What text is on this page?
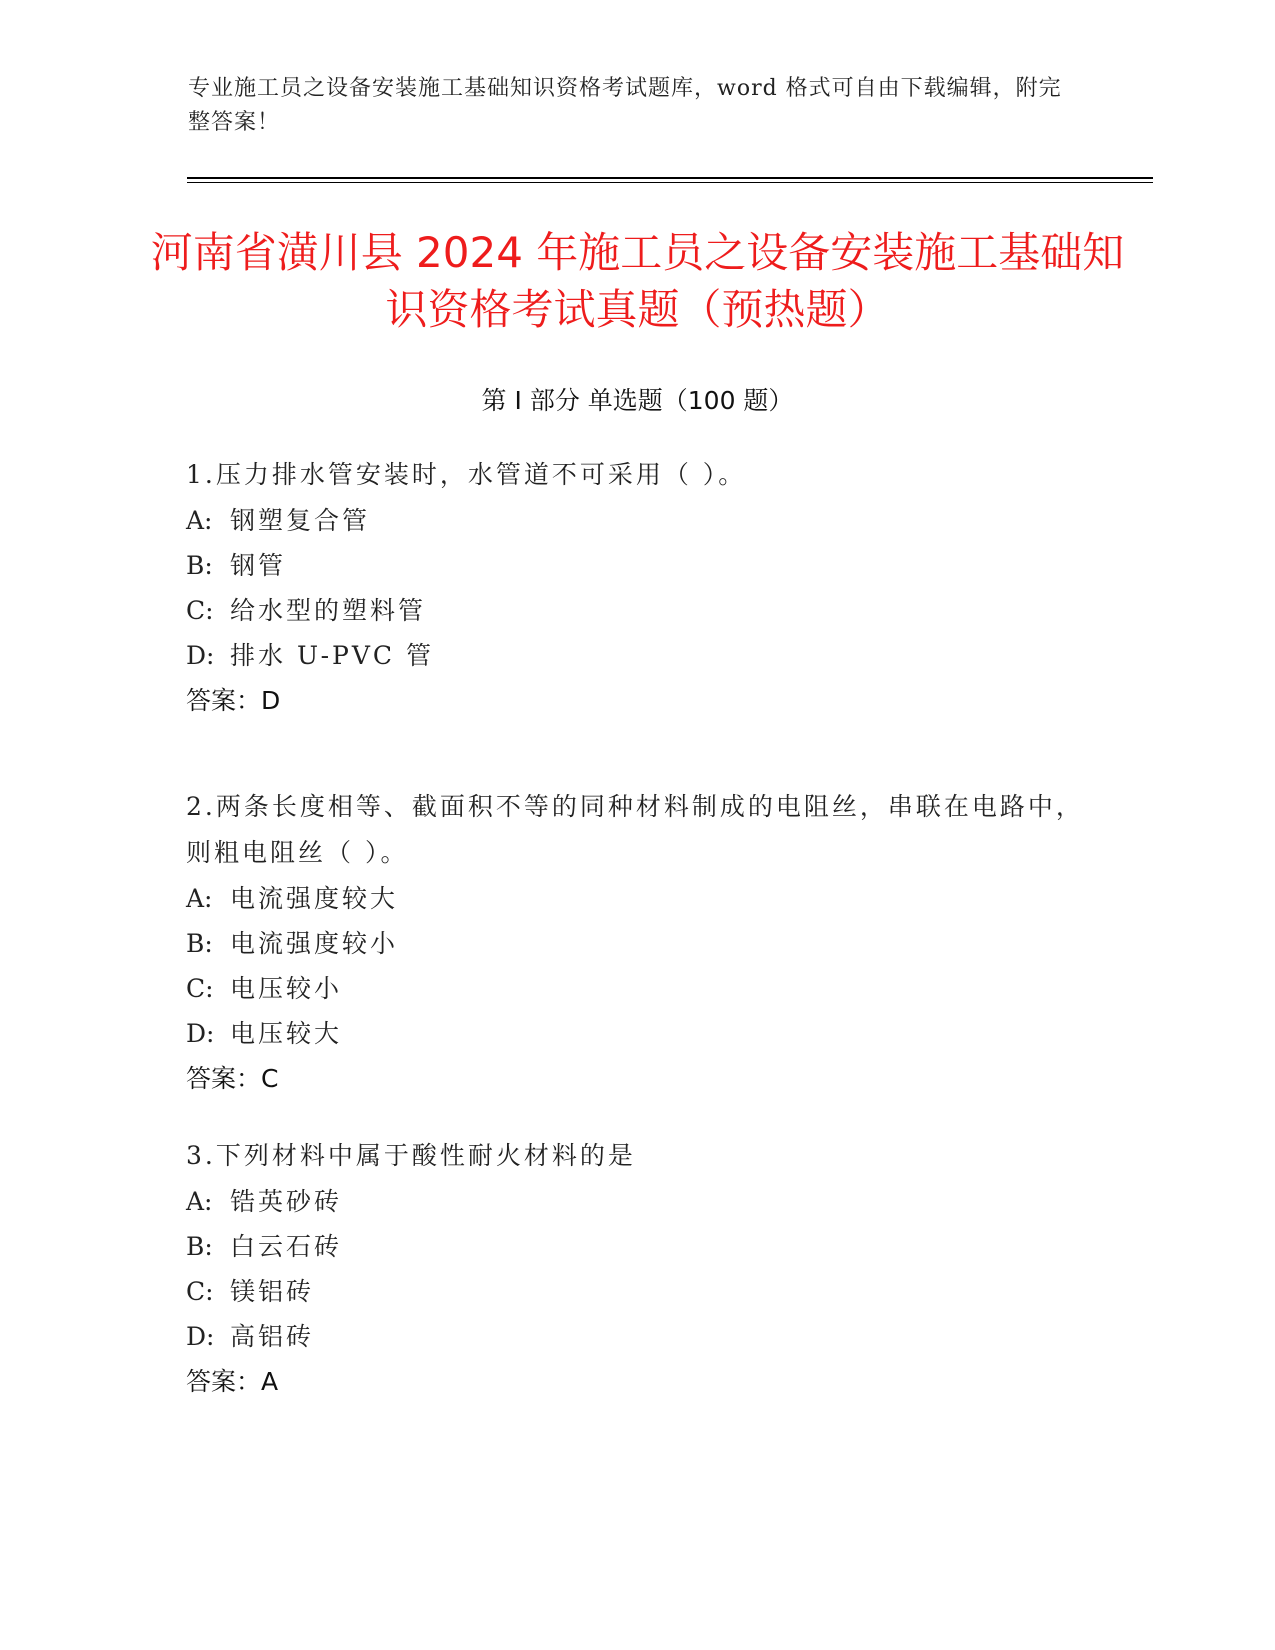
专业施工员之设备安装施工基础知识资格考试题库，word 格式可自由下载编辑，附完整答案！
河南省潢川县 2024 年施工员之设备安装施工基础知识资格考试真题（预热题）
第 I 部分 单选题（100 题）
1.压力排水管安装时，水管道不可采用（ ）。
A: 钢塑复合管
B: 钢管
C: 给水型的塑料管
D: 排水 U-PVC 管
答案：D
2.两条长度相等、截面积不等的同种材料制成的电阻丝，串联在电路中，则粗电阻丝（ ）。
A: 电流强度较大
B: 电流强度较小
C: 电压较小
D: 电压较大
答案：C
3.下列材料中属于酸性耐火材料的是
A: 锆英砂砖
B: 白云石砖
C: 镁铝砖
D: 高铝砖
答案：A
